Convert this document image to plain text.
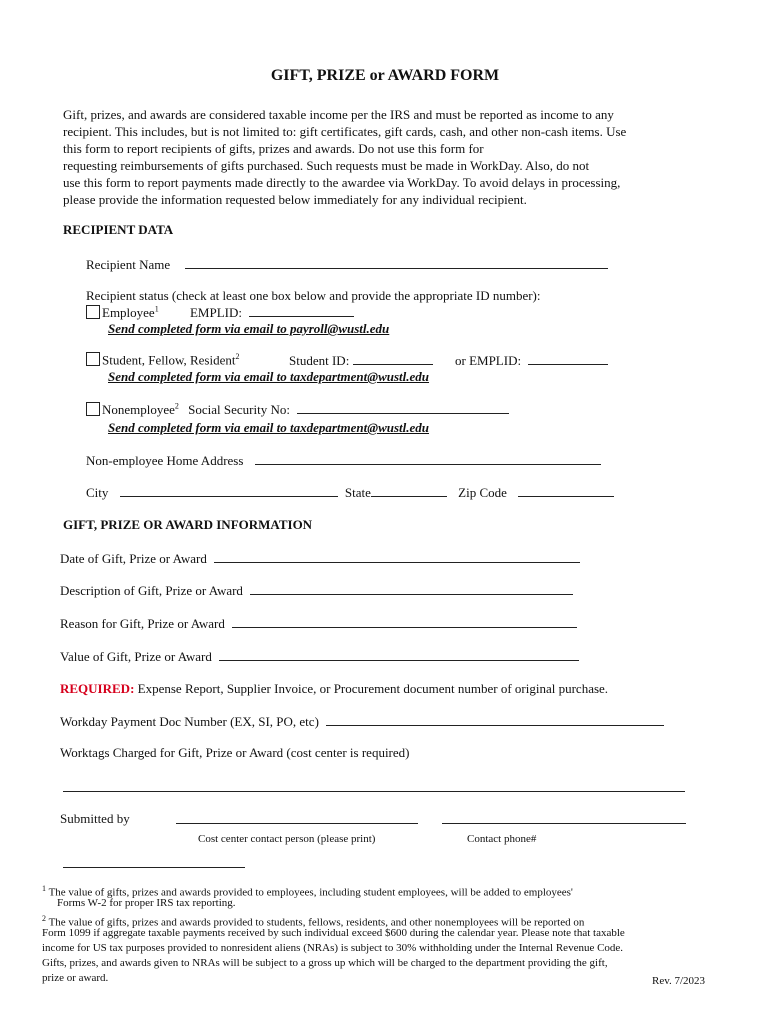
GIFT, PRIZE or AWARD FORM
Gift, prizes, and awards are considered taxable income per the IRS and must be reported as income to any
recipient. This includes, but is not limited to: gift certificates, gift cards, cash, and other non-cash items. Use
this form to report recipients of gifts, prizes and awards. Do not use this form for
requesting reimbursements of gifts purchased. Such requests must be made in WorkDay. Also, do not
use this form to report payments made directly to the awardee via WorkDay. To avoid delays in processing,
please provide the information requested below immediately for any individual recipient.
RECIPIENT DATA
Recipient Name
Recipient status (check at least one box below and provide the appropriate ID number):
Employee$^1$ EMPLID:
Send completed form via email to payroll@wustl.edu
Student, Fellow, Resident$^2$	Student ID:	or EMPLID:
Send completed form via email to taxdepartment@wustl.edu
Nonemployee$^2$ Social Security No:
Send completed form via email to taxdepartment@wustl.edu
Non-employee Home Address
City	State	Zip Code
GIFT, PRIZE OR AWARD INFORMATION
Date of Gift, Prize or Award
Description of Gift, Prize or Award
Reason for Gift, Prize or Award
Value of Gift, Prize or Award
REQUIRED: Expense Report, Supplier Invoice, or Procurement document number of original purchase.
Workday Payment Doc Number (EX, SI, PO, etc)
Worktags Charged for Gift, Prize or Award (cost center is required)
Submitted by
Cost center contact person (please print)	Contact phone#
$^1$ The value of gifts, prizes and awards provided to employees, including student employees, will be added to employees'
Forms W-2 for proper IRS tax reporting.
$^2$ The value of gifts, prizes and awards provided to students, fellows, residents, and other nonemployees will be reported on
Form 1099 if aggregate taxable payments received by such individual exceed $600 during the calendar year. Please note that taxable
income for US tax purposes provided to nonresident aliens (NRAs) is subject to 30% withholding under the Internal Revenue Code.
Gifts, prizes, and awards given to NRAs will be subject to a gross up which will be charged to the department providing the gift,
prize or award.	Rev. 7/2023
